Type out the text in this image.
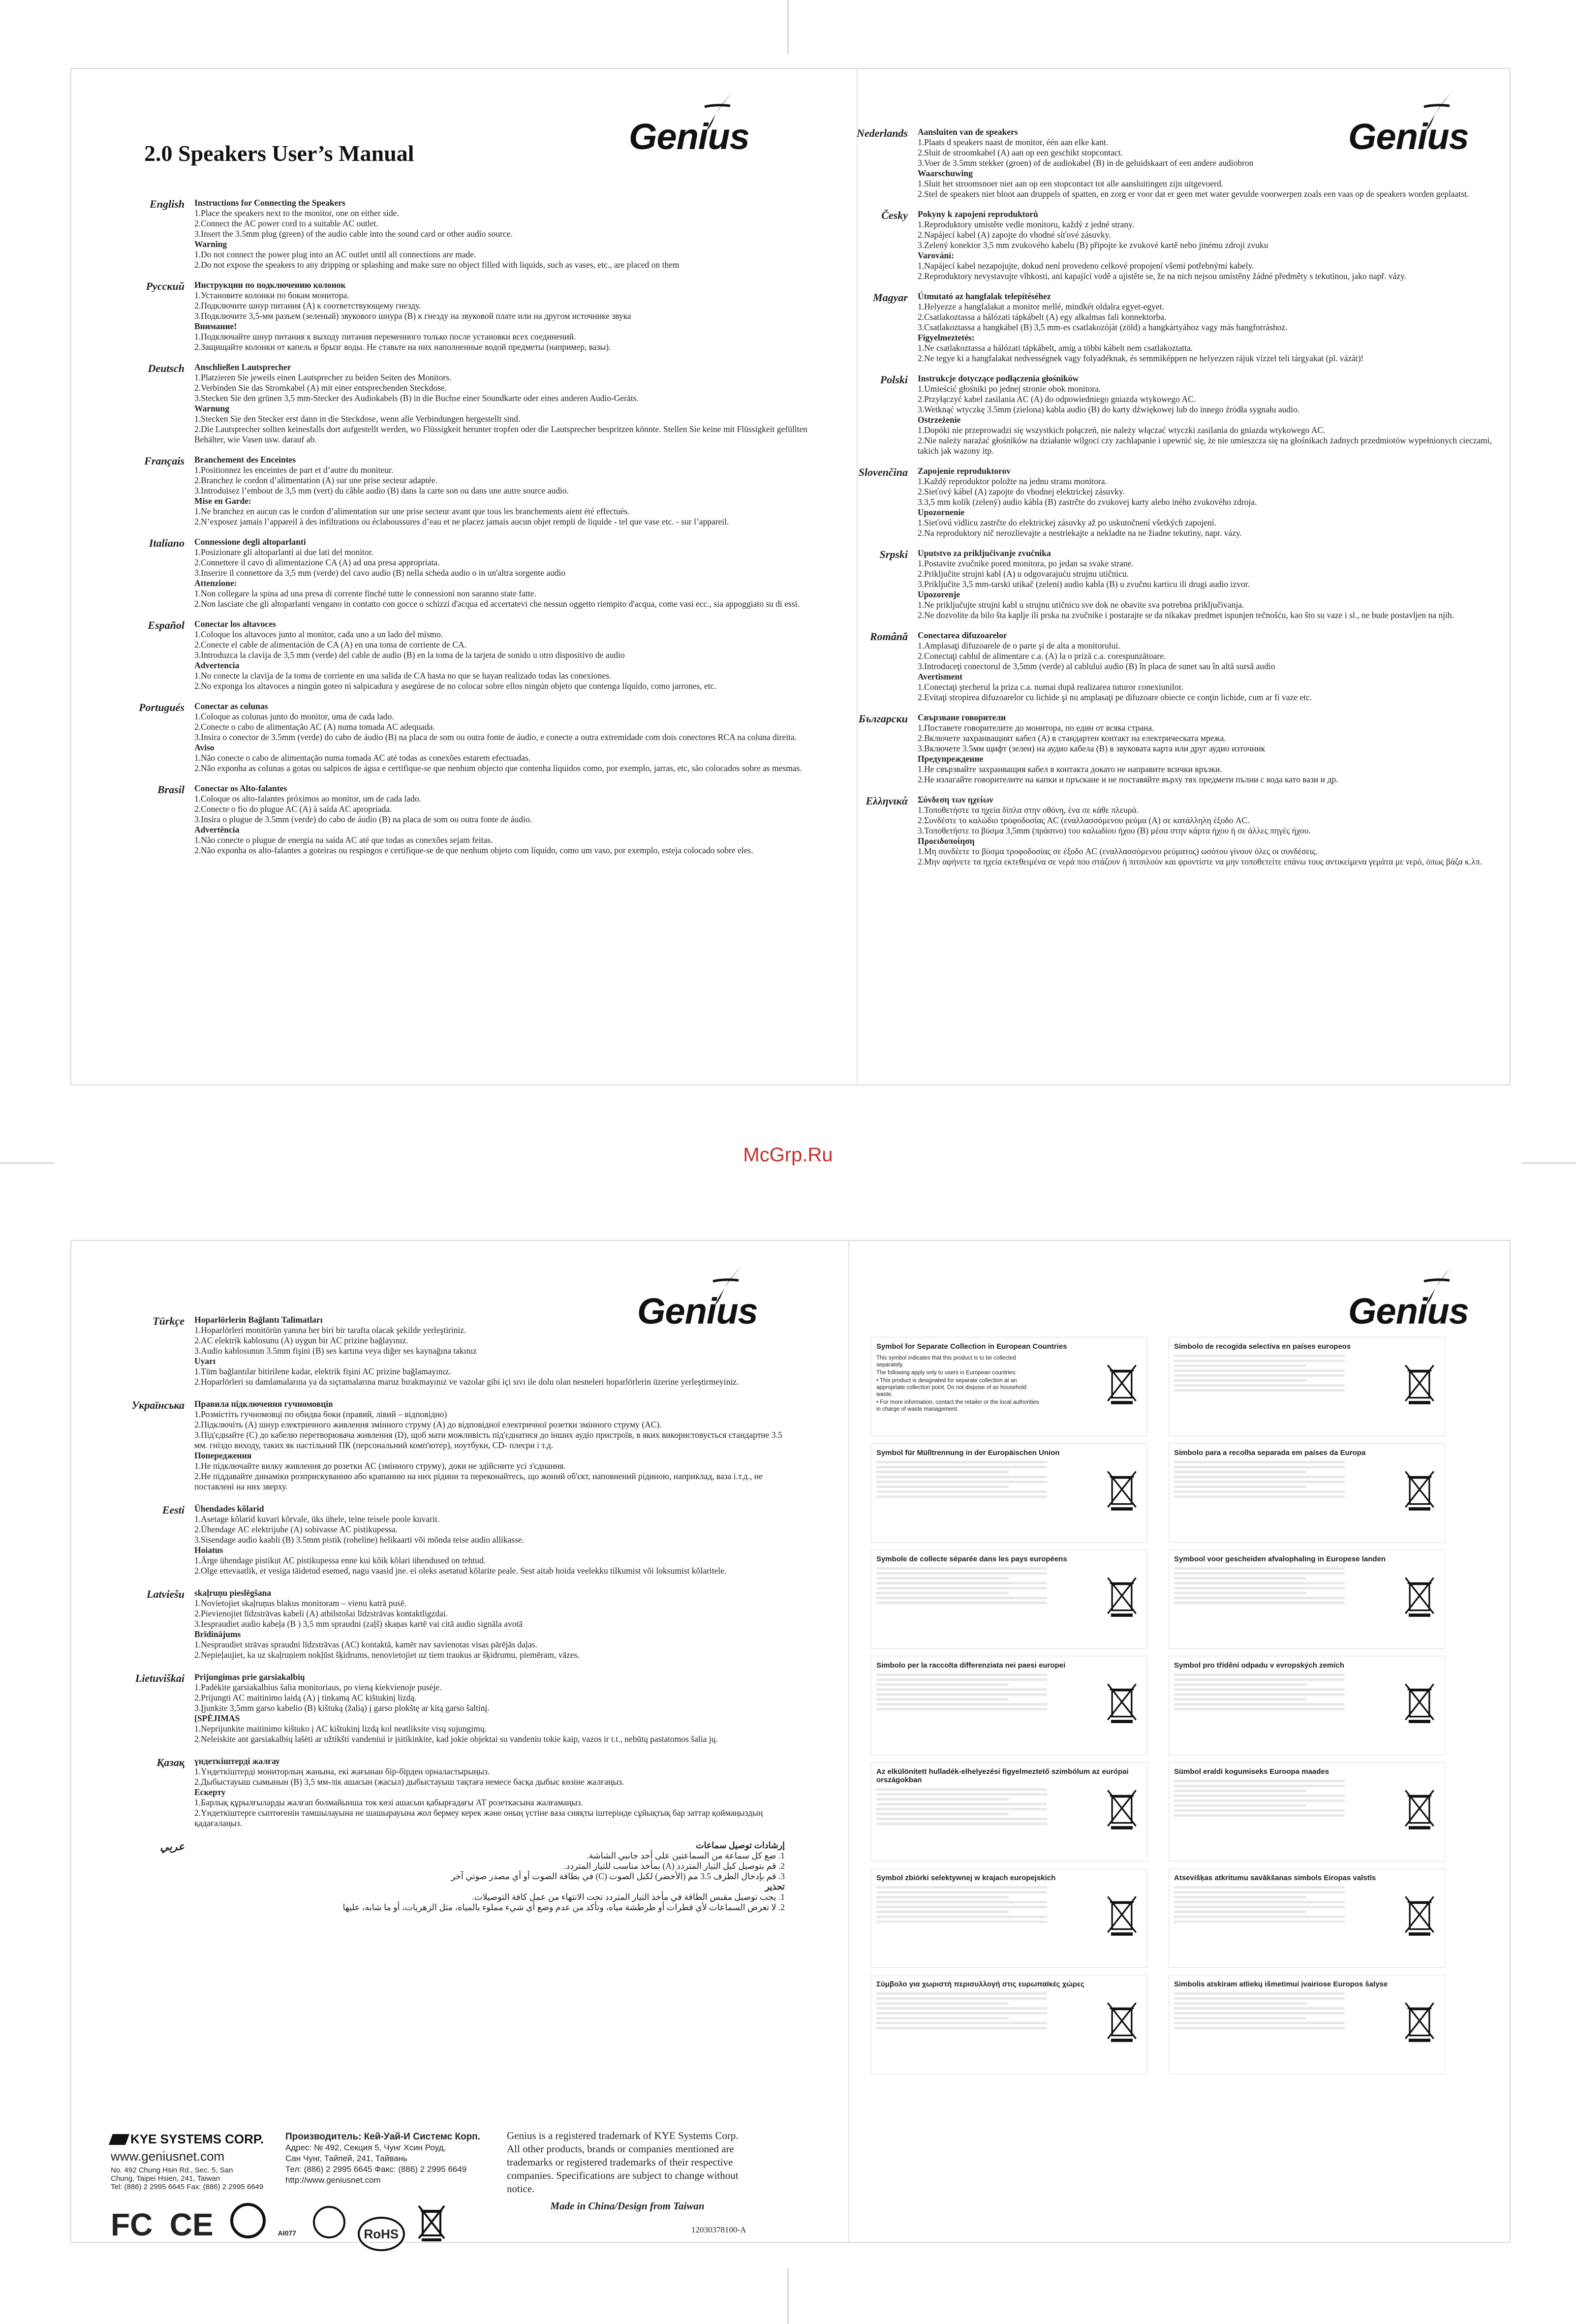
2.0 Speakers User’s Manual	Genius	Genius
English Instructions for Connecting the Speakers
1.Place the speakers next to the monitor, one on either side.
2.Connect the AC power cord to a suitable AC outlet.
3.Insert the 3.5mm plug (green) of the audio cable into the sound card or other audio source.
Warning
1.Do not connect the power plug into an AC outlet until all connections are made.
2.Do not expose the speakers to any dripping or splashing and make sure no object filled with liquids, such as vases, etc., are placed on them
Русский Инструкции по подключению колонок
1.Установите колонки по бокам монитора.
2.Подключите шнур питания (A) к соответствующему гнезду.
3.Подключите 3,5-мм разъем (зеленый) звукового шнура (B) к гнезду на звуковой плате или на другом источнике звука
Внимание!
1.Подключайте шнур питания к выходу питания переменного только после установки всех соединений.
2.Защищайте колонки от капель и брызг воды. Не ставьте на них наполненные водой предметы (например, вазы).
Deutsch Anschließen Lautsprecher
1.Platzieren Sie jeweils einen Lautsprecher zu beiden Seiten des Monitors.
2.Verbinden Sie das Stromkabel (A) mit einer entsprechenden Steckdose.
3.Stecken Sie den grünen 3,5 mm-Stecker des Audiokabels (B) in die Buchse einer Soundkarte oder eines anderen Audio-Geräts.
Warnung
1.Stecken Sie den Stecker erst dann in die Steckdose, wenn alle Verbindungen hergestellt sind.
2.Die Lautsprecher sollten keinesfalls dort aufgestellt werden, wo Flüssigkeit herunter tropfen oder die Lautsprecher bespritzen könnte. Stellen Sie keine mit Flüssigkeit gefüllten Behälter, wie Vasen usw. darauf ab.
Français Branchement des Enceintes
1.Positionnez les enceintes de part et d’autre du moniteur.
2.Branchez le cordon d’alimentation (A) sur une prise secteur adaptée.
3.Introduisez l’embout de 3,5 mm (vert) du câble audio (B) dans la carte son ou dans une autre source audio.
Mise en Garde:
1.Ne branchez en aucun cas le cordon d’alimentation sur une prise secteur avant que tous les branchements aient été effectués.
2.N’exposez jamais l’appareil à des infiltrations ou éclaboussures d’eau et ne placez jamais aucun objet rempli de liquide - tel que vase etc. - sur l’appareil.
Italiano Connessione degli altoparlanti
1.Posizionare gli altoparlanti ai due lati del monitor.
2.Connettere il cavo di alimentazione CA (A) ad una presa appropriata.
3.Inserire il connettore da 3,5 mm (verde) del cavo audio (B) nella scheda audio o in un'altra sorgente audio
Attenzione:
1.Non collegare la spina ad una presa di corrente finché tutte le connessioni non saranno state fatte.
2.Non lasciate che gli altoparlanti vengano in contatto con gocce o schizzi d'acqua ed accertatevi che nessun oggetto riempito d'acqua, come vasi ecc., sia appoggiato su di essi.
Español Conectar los altavoces
1.Coloque los altavoces junto al monitor, cada uno a un lado del mismo.
2.Conecte el cable de alimentación de CA (A) en una toma de corriente de CA.
3.Introduzca la clavija de 3,5 mm (verde) del cable de audio (B) en la toma de la tarjeta de sonido u otro dispositivo de audio
Advertencia
1.No conecte la clavija de la toma de corriente en una salida de CA hasta no que se hayan realizado todas las conexiones.
2.No exponga los altavoces a ningún goteo ni salpicadura y asegúrese de no colocar sobre ellos ningún objeto que contenga líquido, como jarrones, etc.
Portugués Conectar as colunas
1.Coloque as colunas junto do monitor, uma de cada lado.
2.Conecte o cabo de alimentação AC (A) numa tomada AC adequada.
3.Insira o conector de 3.5mm (verde) do cabo de áudio (B) na placa de som ou outra fonte de áudio, e conecte a outra extremidade com dois conectores RCA na coluna direita.
Aviso
1.Não conecte o cabo de alimentação numa tomada AC até todas as conexões estarem efectuadas.
2.Não exponha as colunas a gotas ou salpicos de água e certifique-se que nenhum objecto que contenha líquidos como, por exemplo, jarras, etc, são colocados sobre as mesmas.
Brasil Conectar os Alto-falantes
1.Coloque os alto-falantes próximos ao monitor, um de cada lado.
2.Conecte o fio do plugue AC (A) à saída AC apropriada.
3.Insira o plugue de 3.5mm (verde) do cabo de áudio (B) na placa de som ou outra fonte de áudio.
Advertência
1.Não conecte o plugue de energia na saída AC até que todas as conexões sejam feitas.
2.Não exponha os alto-falantes a goteiras ou respingos e certifique-se de que nenhum objeto com líquido, como um vaso, por exemplo, esteja colocado sobre eles.
Nederlands Aansluiten van de speakers
1.Plaats d speakers naast de monitor, één aan elke kant.
2.Sluit de stroomkabel (A) aan op een geschikt stopcontact.
3.Voer de 3.5mm stekker (groen) of de audiokabel (B) in de geluidskaart of een andere audiobron
Waarschuwing
1.Sluit het stroomsnoer niet aan op een stopcontact tot alle aansluitingen zijn uitgevoerd.
2.Stel de speakers niet bloot aan druppels of spatten, en zorg er voor dat er geen met water gevulde voorwerpen zoals een vaas op de speakers worden geplaatst.
Česky Pokyny k zapojení reproduktorů
1.Reproduktory umístěte vedle monitoru, každý z jedné strany.
2.Napájecí kabel (A) zapojte do vhodné síťové zásuvky.
3.Zelený konektor 3,5 mm zvukového kabelu (B) připojte ke zvukové kartě nebo jinému zdroji zvuku
Varování:
1.Napájecí kabel nezapojujte, dokud není provedeno celkové propojení všemi potřebnými kabely.
2.Reproduktory nevystavujte vlhkosti, ani kapající vodě a ujistěte se, že na nich nejsou umístěny žádné předměty s tekutinou, jako např. vázy.
Magyar Útmutató az hangfalak telepítéséhez
1.Helyezze a hangfalakat a monitor mellé, mindkét oldalra egyet-egyet.
2.Csatlakoztassa a hálózati tápkábelt (A) egy alkalmas fali konnektorba.
3.Csatlakoztassa a hangkábel (B) 3,5 mm-es csatlakozóját (zöld) a hangkártyához vagy más hangforráshoz.
Figyelmeztetés:
1.Ne csatlakoztassa a hálózati tápkábelt, amíg a többi kábelt nem csatlakoztatta.
2.Ne tegye ki a hangfalakat nedvességnek vagy folyadéknak, és semmiképpen ne helyezzen rájuk vízzel teli tárgyakat (pl. vázát)!
Polski Instrukcje dotyczące podłączenia głośników
1.Umieścić głośniki po jednej stronie obok monitora.
2.Przyłączyć kabel zasilania AC (A) do odpowiedniego gniazda wtykowego AC.
3.Wetknąć wtyczkę 3.5mm (zielona) kabla audio (B) do karty dźwiękowej lub do innego źródła sygnału audio.
Ostrzeżenie
1.Dopóki nie przeprowadzi się wszystkich połączeń, nie należy włączać wtyczki zasilania do gniazda wtykowego AC.
2.Nie należy narażać głośników na działanie wilgoci czy zachlapanie i upewnić się, że nie umieszcza się na głośnikach żadnych przedmiotów wypełnionych cieczami, takich jak wazony itp.
Slovenčina Zapojenie reproduktorov
1.Každý reproduktor položte na jednu stranu monitora.
2.Sieťový kábel (A) zapojte do vhodnej elektrickej zásuvky.
3.3,5 mm kolík (zelený) audio kábla (B) zastrčte do zvukovej karty alebo iného zvukového zdroja.
Upozornenie
1.Sieťovú vidlicu zastrčte do elektrickej zásuvky až po uskutočnení všetkých zapojení.
2.Na reproduktory nič nerozlievajte a nestriekajte a nekladte na ne žiadne tekutiny, napr. vázy.
Srpski Uputstvo za priključivanje zvučnika
1.Postavite zvučnike pored monitora, po jedan sa svake strane.
2.Priključite strujni kabl (A) u odgovarajuću strujnu utičnicu.
3.Priključite 3,5 mm-tarski utikač (zeleni) audio kabla (B) u zvučnu karticu ili drugi audio izvor.
Upozorenje
1.Ne priključujte strujni kabl u strujnu utičnicu sve dok ne obavite sva potrebna priključivanja.
2.Ne dozvolite da bilo šta kaplje ili prska na zvučnike i postarajte se da nikakav predmet ispunjen tečnošću, kao što su vaze i sl., ne bude postavljen na njih.
Română Conectarea difuzoarelor
1.Amplasaţi difuzoarele de o parte şi de alta a monitorului.
2.Conectaţi cablul de alimentare c.a. (A) la o priză c.a. corespunzătoare.
3.Introduceţi conectorul de 3,5mm (verde) al cablului audio (B) în placa de sunet sau în altă sursă audio
Avertisment
1.Conectaţi ştecherul la priza c.a. numai după realizarea tuturor conexiunilor.
2.Evitaţi stropirea difuzoarelor cu lichide şi nu amplasaţi pe difuzoare obiecte ce conţin lichide, cum ar fi vaze etc.
Български Свързване говорители
1.Поставете говорителите до монитора, по един от всяка страна.
2.Включете захранващият кабел (A) в стандартен контакт на електрическата мрежа.
3.Включете 3.5мм щифт (зелен) на аудио кабела (B) в звуковата карта или друг аудио източник
Предупреждение
1.Не свързвайте захранващия кабел в контакта докато не направите всички връзки.
2.Не излагайте говорителите на капки и пръскане и не поставяйте върху тях предмети пълни с вода като вази и др.
Ελληνικά Σύνδεση των ηχείων
1.Τοποθετήστε τα ηχεία δίπλα στην οθόνη, ένα σε κάθε πλευρά.
2.Συνδέστε το καλώδιο τροφοδοσίας AC (εναλλασσόμενου ρεύμα (A) σε κατάλληλη έξοδο AC.
3.Τοποθετήστε το βύσμα 3,5mm (πράσινο) του καλωδίου ήχου (B) μέσα στην κάρτα ήχου ή σε άλλες πηγές ήχου.
Προειδοποίηση
1.Μη συνδέετε το βύσμα τροφοδοσίας σε έξοδο AC (εναλλασσόμενου ρεύματος) ωσότου γίνουν όλες οι συνδέσεις.
2.Μην αφήνετε τα ηχεία εκτεθειμένα σε νερά που στάζουν ή πιτσιλούν και φροντίστε να μην τοποθετείτε επάνω τους αντικείμενα γεμάτα με νερό, όπως βάζα κ.λπ.
McGrp.Ru
Genius	Genius
Türkçe Hoparlörlerin Bağlantı Talimatları
1.Hoparlörleri monitörün yanına her biri bir tarafta olacak şekilde yerleştiriniz.
2.AC elektrik kablosunu (A) uygun bir AC prizine bağlayınız.
3.Audio kablosunun 3.5mm fişini (B) ses kartına veya diğer ses kaynağına takınız
Uyarı
1.Tüm bağlantılar bitirilene kadar, elektrik fişini AC prizine bağlamayınız.
2.Hoparlörleri su damlamalarına ya da sıçramalarına maruz bırakmayınız ve vazolar gibi içi sıvı ile dolu olan nesneleri hoparlörlerin üzerine yerleştirmeyiniz.
Українська Правила підключення гучномовців
1.Розмістіть гучномовці по обидва боки (правий, лівий – відповідно)
2.Підключіть (A) шнур електричного живлення змінного струму (A) до відповідної електричної розетки змінного струму (AC).
3.Під'єднайте (C) до кабелю перетворювача живлення (D), щоб мати можливість під'єднатися до інших аудіо пристроїв, в яких використовується стандартне 3.5 мм. гніздо виходу, таких як настільний ПК (персональний комп'ютер), ноутбуки, CD- плеєри і т.д.
Попередження
1.Не підключайте вилку живлення до розетки AC (змінного струму), доки не здійсните усі з'єднання.
2.Не піддавайте динаміки розприскуванню або крапанню на них рідини та переконайтесь, що жоний об'єкт, наповнений рідиною, наприклад, ваза і.т.д., не поставлені на них зверху.
Eesti Ühendades kõlarid
1.Asetage kõlarid kuvari kõrvale, üks ühele, teine teisele poole kuvarit.
2.Ühendage AC elektrijuhe (A) sobivasse AC pistikupessa.
3.Sisendage audio kaabli (B) 3.5mm pistik (roheline) helikaarti või mõnda teise audio allikasse.
Hoiatus
1.Ärge ühendage pistikut AC pistikupessa enne kui kõik kõlari ühendused on tehtud.
2.Olge ettevaatlik, et vesiga täidetud esemed, nagu vaasid jne. ei oleks asetatud kõlarite peale. Sest aitab hoida veelekku tilkumist või loksumist kõlaritele.
Latviešu skaļruņu pieslēgšana
1.Novietojiet skaļruņus blakus monitoram – vienu katrā pusē.
2.Pievienojiet līdzstrāvas kabeli (A) atbilstošai līdzstrāvas kontaktligzdai.
3.Iespraudiet audio kabeļa (B ) 3,5 mm spraudni (zaļš) skaņas kartē vai citā audio signāla avotā
Brīdinājums
1.Nespraudiet strāvas spraudni līdzstrāvas (AC) kontaktā, kamēr nav savienotas visas pārējās daļas.
2.Nepieļaujiet, ka uz skaļruņiem nokļūst šķidrums, nenovietojiet uz tiem traukus ar šķidrumu, piemēram, vāzes.
Lietuviškai Prijungimas prie garsiakalbių
1.Padėkite garsiakalbius šalia monitoriaus, po vieną kiekvienoje pusėje.
2.Prijungti AC maitinimo laidą (A) į tinkamą AC kištukinį lizdą.
3.Įjunkite 3,5mm garso kabelio (B) kištuką (žalią) į garso plokštę ar kitą garso šaltinį.
[SPĖJIMAS
1.Neprijunkite maitinimo kištuko į AC kištukinį lizdą kol neatliksite visų sujungimų.
2.Neleiskite ant garsiakalbių lašėti ar užtikšti vandeniui ir įsitikinkite, kad jokie objektai su vandeniu tokie kaip, vazos ir t.t., nebūtų pastatomos šalia jų.
Қазақ үндеткіштерді жалғау
1.Үндеткіштерді мониторлың жанына, екі жағынан бір-бірден орналастырыңыз.
2.Дыбыстауыш сымынын (B) 3,5 мм-лік ашасын (жасыл) дыбыстауыш тақтаға немесе басқа дыбыс көзіне жалғаңыз.
Ескерту
1.Барлық құрылғыларды жалғап болмайынша ток көзі ашасын қабырғадағы АТ розеткасына жалғамаңыз.
2.Үндеткіштерге сыптөгенін тамшылауына не шашырауына жол бермеу керек және оның үстіне ваза сияқты іштерінде сұйықтық бар заттар қоймаңыздың қадағалаңыз.
عربي	إرشادات توصيل سماعات
1. ضع كل سماعة من السماعتين على أحد جانبي الشاشة.
2. قم بتوصيل كبل التيار المتردد (A) بمأخذ مناسب للتيار المتردد.
3. قم بإدخال الطرف 3.5 مم (الأخضر) لكبل الصوت (C) في بطاقة الصوت أو أي مصدر صوتي آخر
تحذير
1. يجب توصيل مقبس الطاقة في مأخذ التيار المتردد تحت الانتهاء من عمل كافة التوصيلات.
2. لا تعرض السماعات لأي قطرات أو طرطشة مياه، وتأكد من عدم وضع أي شيء مملوء بالمياه، مثل الزهريات، أو ما شابه، عليها
Symbol for Separate Collection in European Countries
This symbol indicates that this product is to be collected separately.
The following apply only to users in European countries:
• This product is designated for separate collection at an appropriate collection point. Do not dispose of as household waste.
• For more information, contact the retailer or the local authorities in charge of waste management.
Symbol für Mülltrennung in der Europäischen Union
Symbole de collecte séparée dans les pays européens
Simbolo per la raccolta differenziata nei paesi europei
Az elkülönített hulladék-elhelyezési figyelmeztető szimbólum az európai országokban
Symbol zbiórki selektywnej w krajach europejskich
Σύμβολο για χωριστή περισυλλογή στις ευρωπαϊκές χώρες
Símbolo de recogida selectiva en países europeos
Símbolo para a recolha separada em países da Europa
Symbool voor gescheiden afvalophaling in Europese landen
Symbol pro třídění odpadu v evropských zemích
Sümbol eraldi kogumiseks Euroopa maades
Atsevišķas atkritumu savākšanas simbols Eiropas valstīs
Simbolis atskiram atliekų išmetimui įvairiose Europos šalyse
KYE SYSTEMS CORP.
www.geniusnet.com
No. 492 Chung Hsin Rd., Sec. 5, San
Chung, Taipei Hsien, 241, Taiwan
Tel: (886) 2 2995 6645 Fax: (886) 2 2995 6649
Производитель: Кей-Уай-И Системс Корп.
Адрес: № 492, Секция 5, Чунг Хсин Роуд,
Сан Чунг, Тайпей, 241, Тайвань
Тел: (886) 2 2995 6645 Факс: (886) 2 2995 6649
http://www.geniusnet.com
Genius is a registered trademark of KYE Systems Corp. All other products, brands or companies mentioned are trademarks or registered trademarks of their respective companies. Specifications are subject to change without notice.
Made in China/Design from Taiwan
FC CE	AI077	RoHS	12030378100-A
